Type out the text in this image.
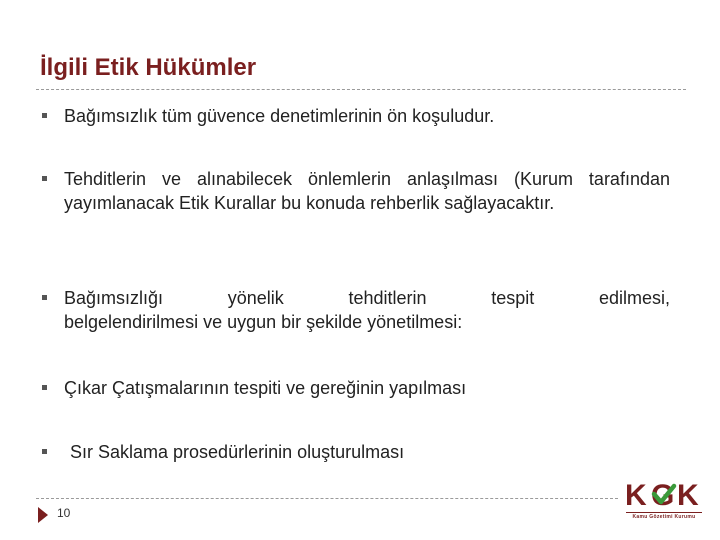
İlgili Etik Hükümler
Bağımsızlık tüm güvence denetimlerinin ön koşuludur.
Tehditlerin ve alınabilecek önlemlerin anlaşılması (Kurum tarafından yayımlanacak Etik Kurallar bu konuda rehberlik sağlayacaktır.
Bağımsızlığı yönelik tehditlerin tespit edilmesi,
belgelendirilmesi ve uygun bir şekilde yönetilmesi:
Çıkar Çatışmalarının tespiti ve gereğinin yapılması
Sır Saklama prosedürlerinin oluşturulması
10
K G K
Kamu Gözetimi Kurumu
